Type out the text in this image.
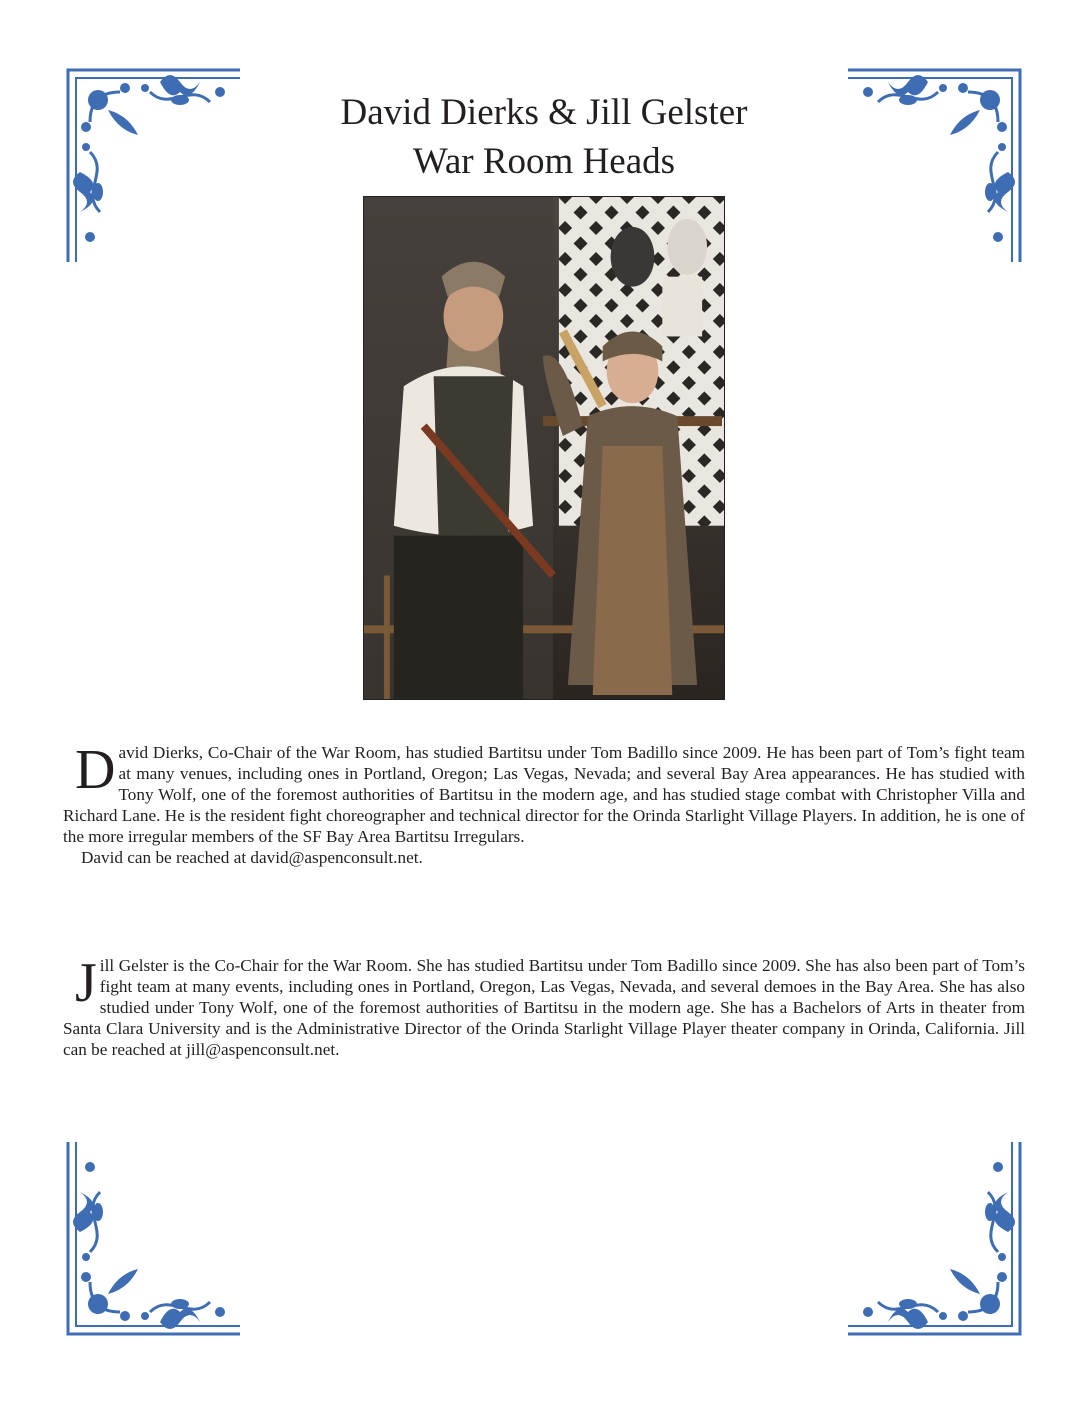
David Dierks & Jill Gelster
War Room Heads
David Dierks, Co-Chair of the War Room, has studied Bartitsu under Tom Badillo since 2009. He has been part of Tom’s fight team at many venues, including ones in Portland, Oregon; Las Vegas, Nevada; and several Bay Area appearances. He has studied with Tony Wolf, one of the foremost authorities of Bartitsu in the modern age, and has studied stage combat with Christopher Villa and Richard Lane. He is the resident fight choreographer and technical director for the Orinda Starlight Village Players. In addition, he is one of the more irregular members of the SF Bay Area Bartitsu Irregulars.
David can be reached at david@aspenconsult.net.
Jill Gelster is the Co-Chair for the War Room. She has studied Bartitsu under Tom Badillo since 2009. She has also been part of Tom’s fight team at many events, including ones in Portland, Oregon, Las Vegas, Nevada, and several demoes in the Bay Area. She has also studied under Tony Wolf, one of the foremost authorities of Bartitsu in the modern age. She has a Bachelors of Arts in theater from Santa Clara University and is the Administrative Director of the Orinda Starlight Village Player theater company in Orinda, California. Jill can be reached at jill@aspenconsult.net.
